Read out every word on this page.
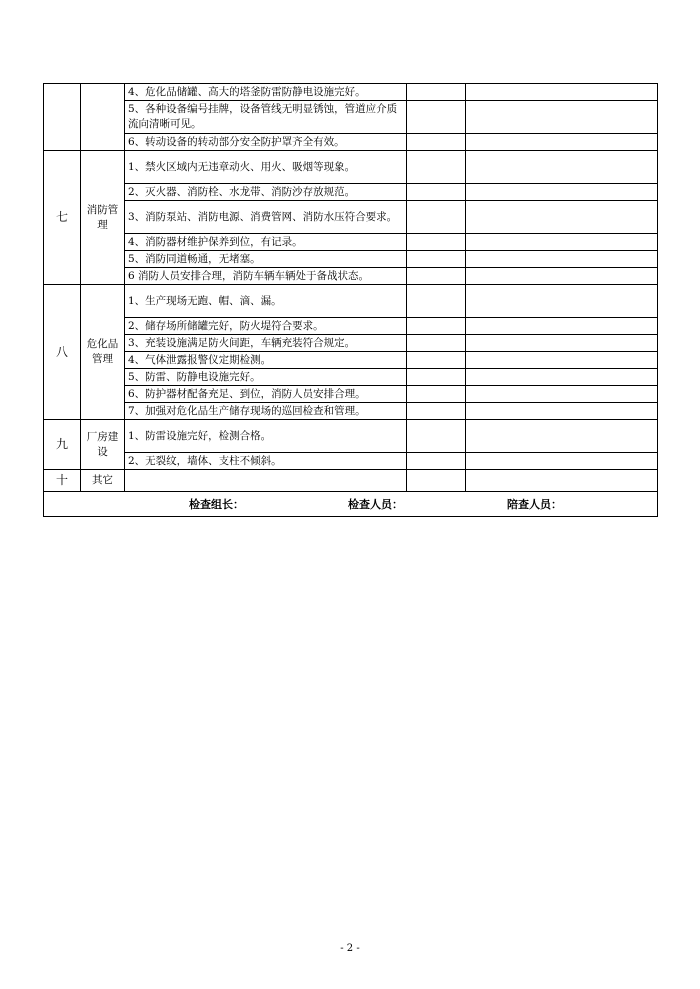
		4、危化品储罐、高大的塔釜防雷防静电设施完好。		
		5、各种设备编号挂牌，设备管线无明显锈蚀，管道应介质流向清晰可见。		
		6、转动设备的转动部分安全防护罩齐全有效。		
七	消防管理	1、禁火区域内无违章动火、用火、吸烟等现象。		
		2、灭火器、消防栓、水龙带、消防沙存放规范。		
		3、消防泵站、消防电源、消费管网、消防水压符合要求。		
		4、消防器材维护保养到位，有记录。		
		5、消防同道畅通，无堵塞。		
		6 消防人员安排合理，消防车辆车辆处于备战状态。		
八	危化品管理	1、生产现场无跑、帽、滴、漏。		
		2、储存场所储罐完好，防火堤符合要求。		
		3、充装设施满足防火间距，车辆充装符合规定。		
		4、气体泄露报警仪定期检测。		
		5、防雷、防静电设施完好。		
		6、防护器材配备充足、到位，消防人员安排合理。		
		7、加强对危化品生产储存现场的巡回检查和管理。		
九	厂房建设	1、防雷设施完好，检测合格。		
		2、无裂纹，墙体、支柱不倾斜。		
十	其它			

检查组长： 检查人员： 陪查人员：				
- 2 -
